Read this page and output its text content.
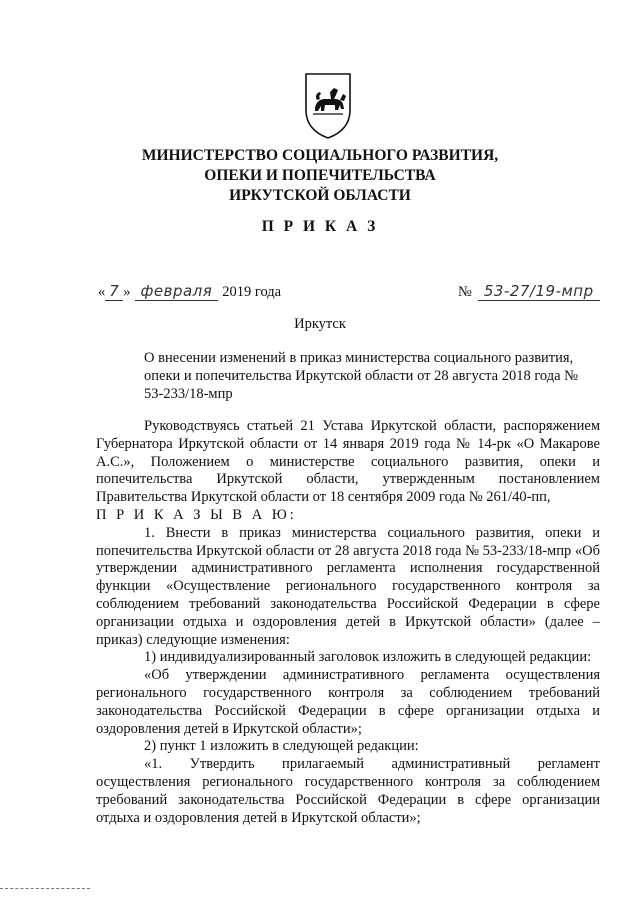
МИНИСТЕРСТВО СОЦИАЛЬНОГО РАЗВИТИЯ,
ОПЕКИ И ПОПЕЧИТЕЛЬСТВА
ИРКУТСКОЙ ОБЛАСТИ
П Р И К А З
« 7 » февраля 2019 года	№ 53-27/19-мпр
Иркутск
О внесении изменений в приказ министерства социального развития, опеки и попечительства Иркутской области от 28 августа 2018 года № 53-233/18-мпр

Руководствуясь статьей 21 Устава Иркутской области, распоряжением Губернатора Иркутской области от 14 января 2019 года № 14-рк «О Макарове А.С.», Положением о министерстве социального развития, опеки и попечительства Иркутской области, утвержденным постановлением Правительства Иркутской области от 18 сентября 2009 года № 261/40-пп,

П Р И К А З Ы В А Ю:

1. Внести в приказ министерства социального развития, опеки и попечительства Иркутской области от 28 августа 2018 года № 53-233/18-мпр «Об утверждении административного регламента исполнения государственной функции «Осуществление регионального государственного контроля за соблюдением требований законодательства Российской Федерации в сфере организации отдыха и оздоровления детей в Иркутской области» (далее – приказ) следующие изменения:

1) индивидуализированный заголовок изложить в следующей редакции:

«Об утверждении административного регламента осуществления регионального государственного контроля за соблюдением требований законодательства Российской Федерации в сфере организации отдыха и оздоровления детей в Иркутской области»;

2) пункт 1 изложить в следующей редакции:

«1. Утвердить прилагаемый административный регламент осуществления регионального государственного контроля за соблюдением требований законодательства Российской Федерации в сфере организации отдыха и оздоровления детей в Иркутской области»;
